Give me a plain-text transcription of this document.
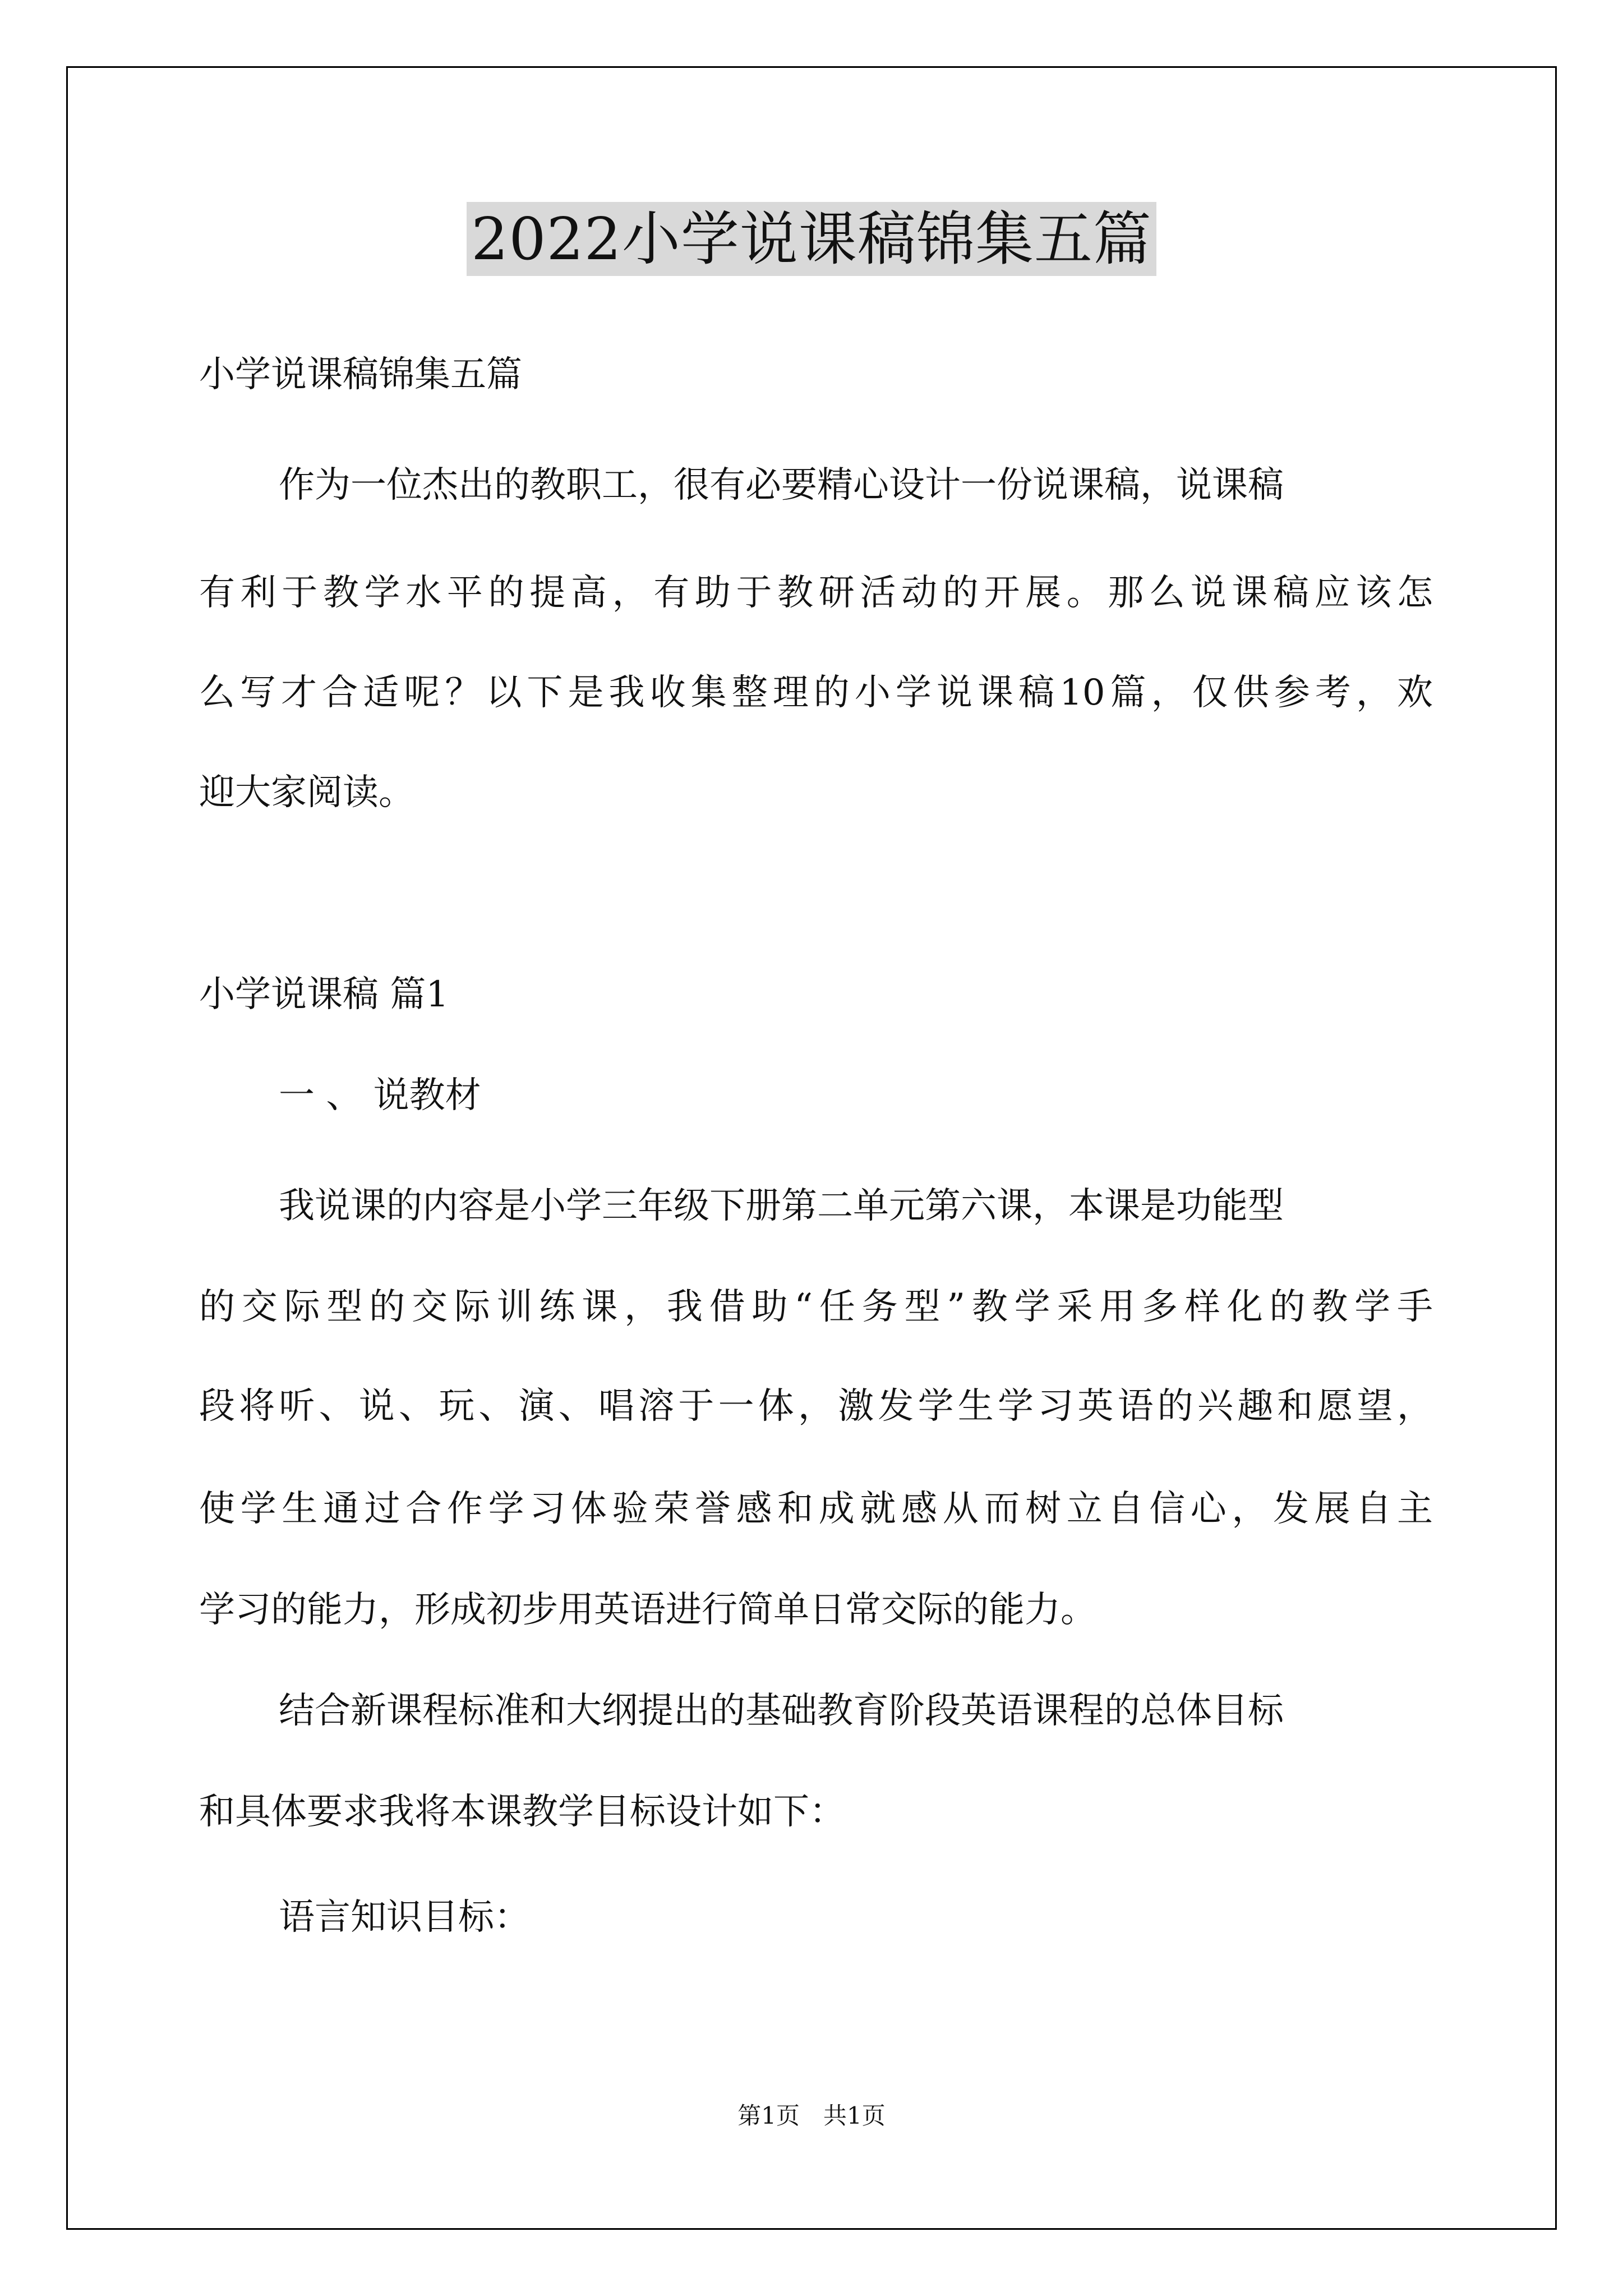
2022小学说课稿锦集五篇
小学说课稿锦集五篇
作为一位杰出的教职工，很有必要精心设计一份说课稿，说课稿
有利于教学水平的提高，有助于教研活动的开展。那么说课稿应该怎
么写才合适呢？以下是我收集整理的小学说课稿10篇，仅供参考，欢
迎大家阅读。
小学说课稿 篇1
一 、 说教材
我说课的内容是小学三年级下册第二单元第六课，本课是功能型
的交际型的交际训练课，我借助“任务型”教学采用多样化的教学手
段将听、说、玩、演、唱溶于一体，激发学生学习英语的兴趣和愿望，
使学生通过合作学习体验荣誉感和成就感从而树立自信心，发展自主
学习的能力，形成初步用英语进行简单日常交际的能力。
结合新课程标准和大纲提出的基础教育阶段英语课程的总体目标
和具体要求我将本课教学目标设计如下：
语言知识目标：
第1页　共1页
